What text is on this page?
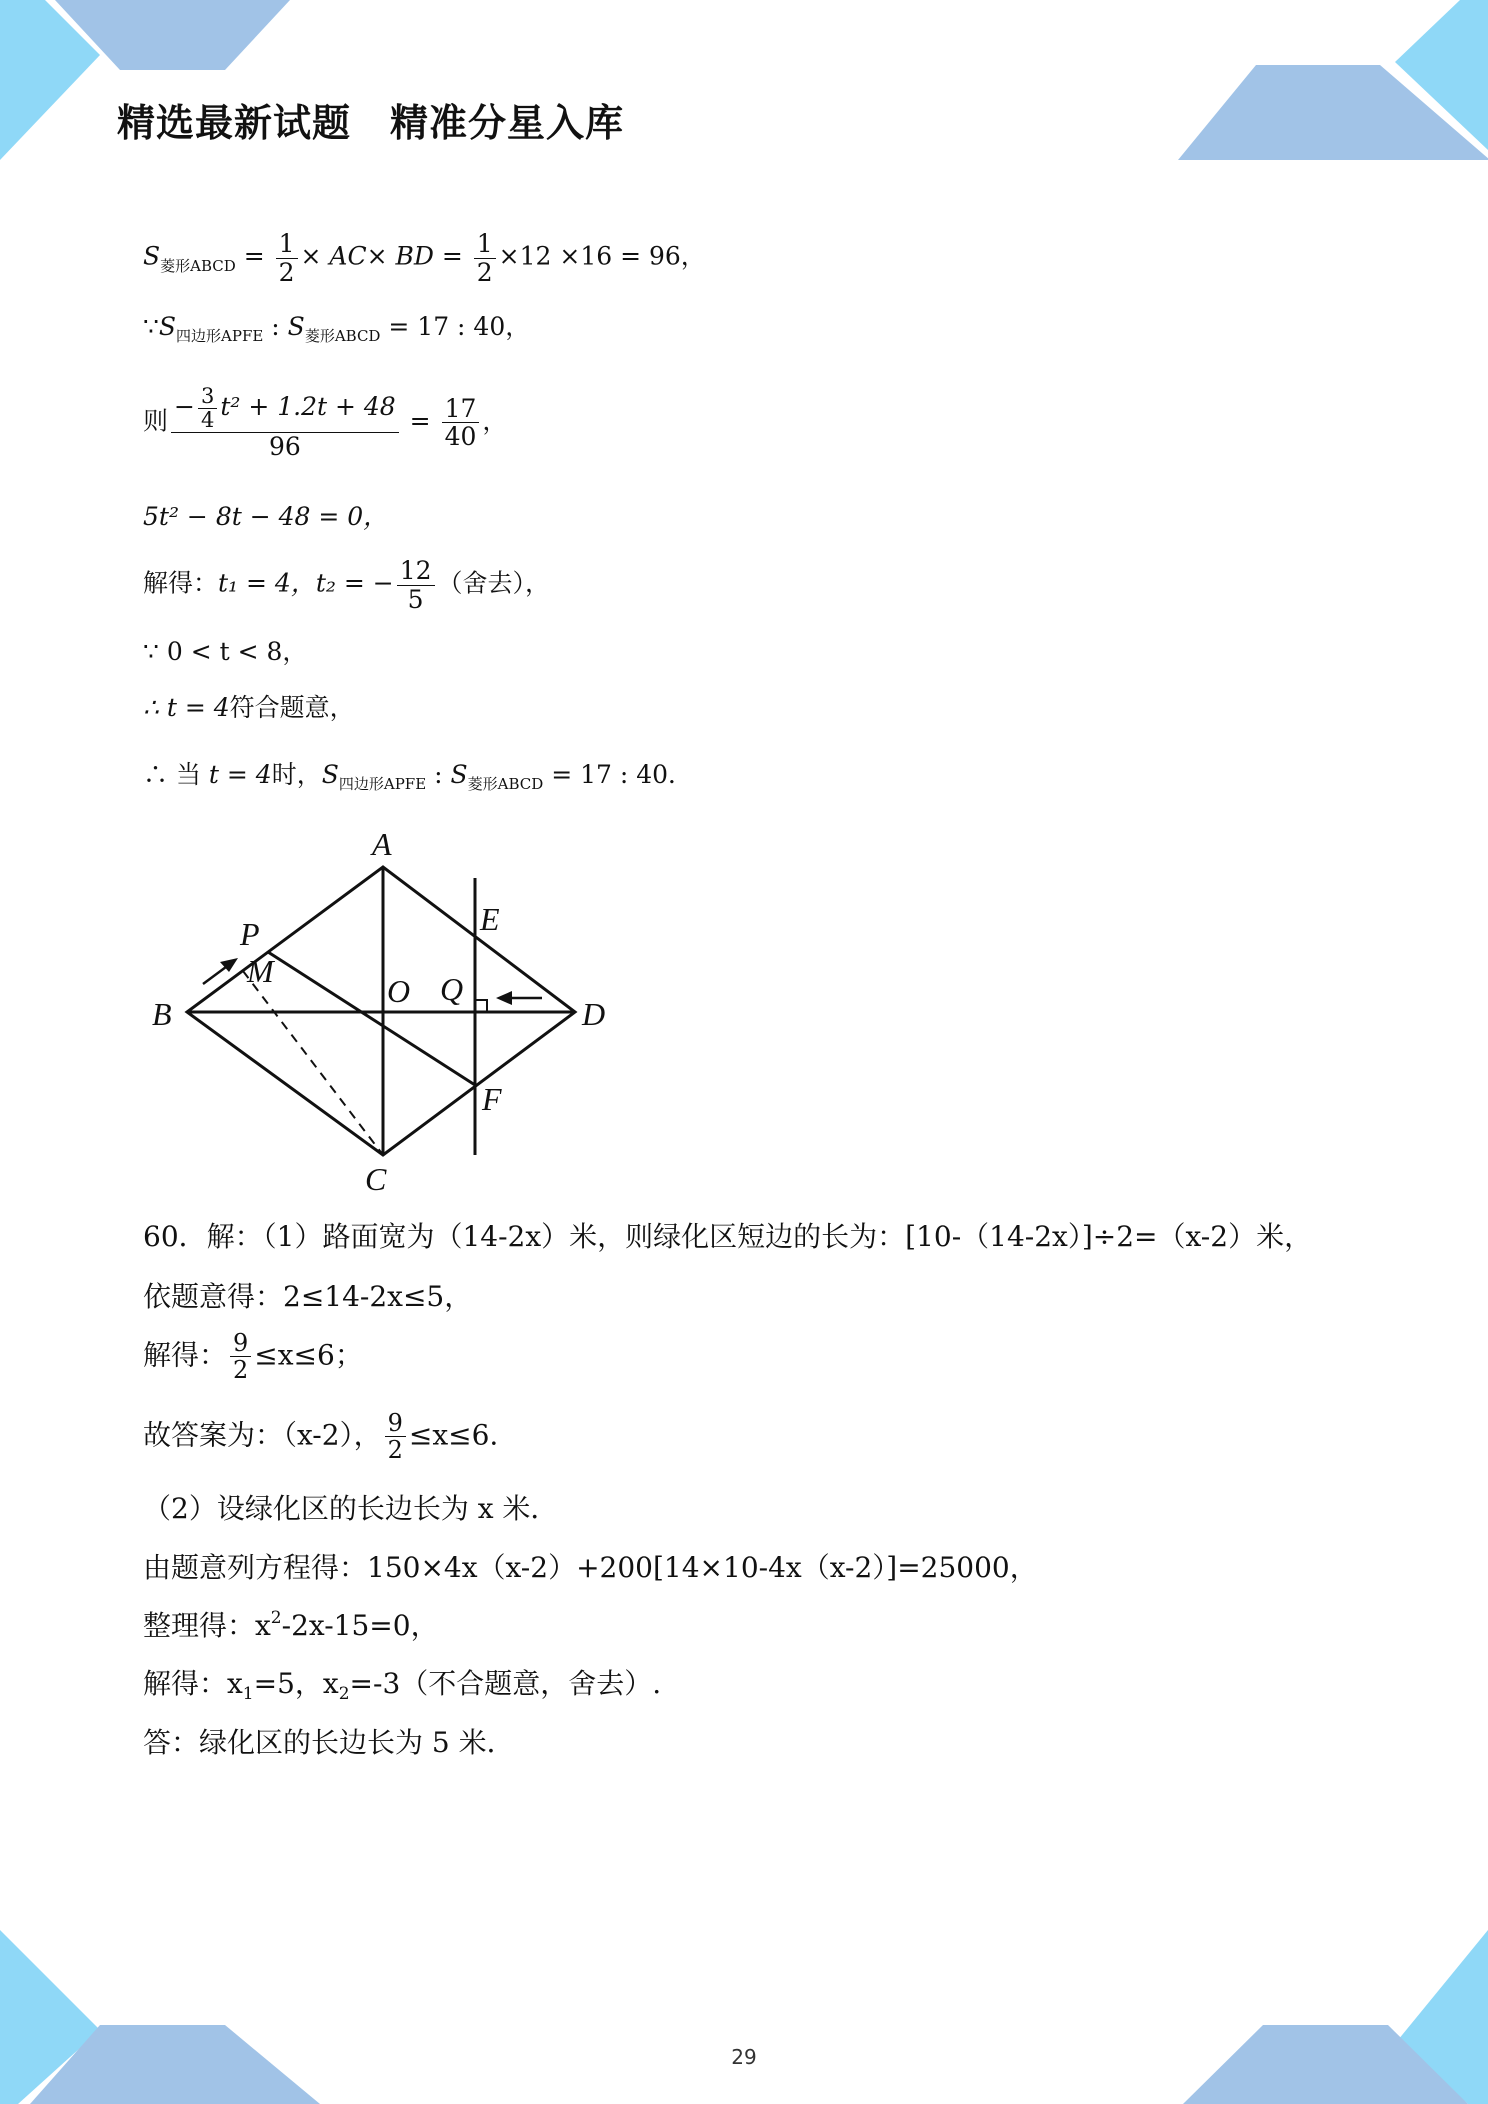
精选最新试题　精准分星入库
$S_{菱形ABCD} = \frac{1}{2} \times AC\times$ BD = $\frac{1}{2} \times 12 \times 16 = 96$，
$\because S_{四边形APFE}$ : $S_{菱形ABCD} = 17$ : 40，
则 $\frac{- \frac{3}{4} t^2 + 1.2t + 48}{96} = \frac{17}{40}$ ，
5t² − 8t − 48 = 0，
解得：t₁ = 4，t₂ = − $\frac{12}{5}$ （舍去），
∵ 0 < t < 8，
∴ t = 4符合题意，
∴ 当 t = 4时，$S_{四边形APFE}$ : $S_{菱形ABCD} = 17$ : 40．
A
B
C
D
E
F
P
M
O Q
60．解：（1）路面宽为（14-2x）米，则绿化区短边的长为：[10-（14-2x）]÷2=（x-2）米，
依题意得：2≤14-2x≤5，
解得： $\frac{9}{2} \le x\le 6$；
故答案为：（x-2）， $\frac{9}{2} \le x\le 6$.
（2）设绿化区的长边长为 x 米．
由题意列方程得：150×4x（x-2）+200[14×10-4x（x-2）]=25000，
整理得：$x^2-2x-15=0$，
解得：$x_1=5$，$x_2=-3$（不合题意，舍去）.
答：绿化区的长边长为 5 米．
29
